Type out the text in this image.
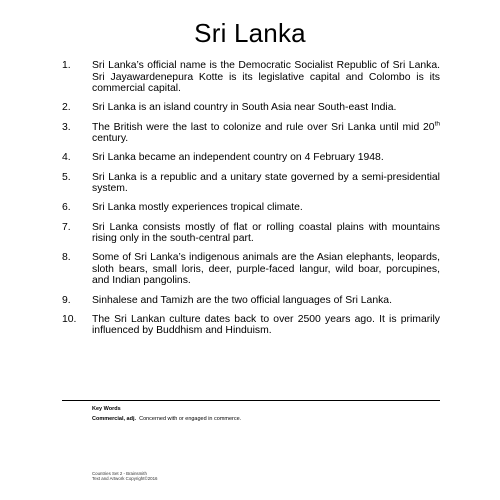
Sri Lanka
1.	Sri Lanka’s official name is the Democratic Socialist Republic of Sri Lanka. Sri Jayawardenepura Kotte is its legislative capital and Colombo is its commercial capital.
2.	Sri Lanka is an island country in South Asia near South-east India.
3.	The British were the last to colonize and rule over Sri Lanka until mid 20th century.
4.	Sri Lanka became an independent country on 4 February 1948.
5.	Sri Lanka is a republic and a unitary state governed by a semi-presidential system.
6.	Sri Lanka mostly experiences tropical climate.
7.	Sri Lanka consists mostly of flat or rolling coastal plains with mountains rising only in the south-central part.
8.	Some of Sri Lanka’s indigenous animals are the Asian elephants, leopards, sloth bears, small loris, deer, purple-faced langur, wild boar, porcupines, and Indian pangolins.
9.	Sinhalese and Tamizh are the two official languages of Sri Lanka.
10.	The Sri Lankan culture dates back to over 2500 years ago. It is primarily influenced by Buddhism and Hinduism.
Key Words
Commercial, adj. Concerned with or engaged in commerce.
Countries Set 2 - Brainsmith
Text and Artwork Copyright©2016
